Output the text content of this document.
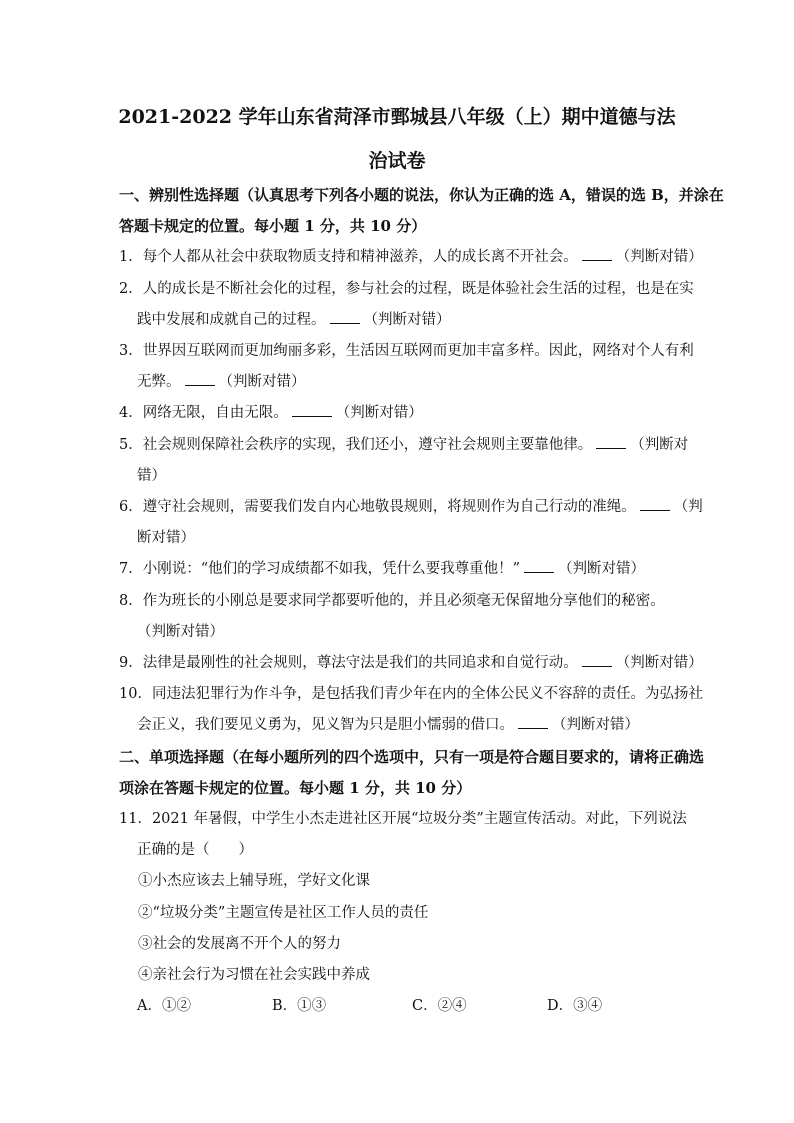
2021-2022 学年山东省菏泽市鄄城县八年级（上）期中道德与法
治试卷
一、辨别性选择题（认真思考下列各小题的说法，你认为正确的选 A，错误的选 B，并涂在
答题卡规定的位置。每小题 1 分，共 10 分）
1．每个人都从社会中获取物质支持和精神滋养，人的成长离不开社会。	（判断对错）
2．人的成长是不断社会化的过程，参与社会的过程，既是体验社会生活的过程，也是在实
践中发展和成就自己的过程。	（判断对错）
3．世界因互联网而更加绚丽多彩，生活因互联网而更加丰富多样。因此，网络对个人有利
无弊。	（判断对错）
4．网络无限，自由无限。	（判断对错）
5．社会规则保障社会秩序的实现，我们还小，遵守社会规则主要靠他律。	（判断对
错）
6．遵守社会规则，需要我们发自内心地敬畏规则，将规则作为自己行动的准绳。	（判
断对错）
7．小刚说：“他们的学习成绩都不如我，凭什么要我尊重他！”	（判断对错）
8．作为班长的小刚总是要求同学都要听他的，并且必须毫无保留地分享他们的秘密。
（判断对错）
9．法律是最刚性的社会规则，尊法守法是我们的共同追求和自觉行动。	（判断对错）
10．同违法犯罪行为作斗争，是包括我们青少年在内的全体公民义不容辞的责任。为弘扬社
会正义，我们要见义勇为，见义智为只是胆小懦弱的借口。	（判断对错）
二、单项选择题（在每小题所列的四个选项中，只有一项是符合题目要求的，请将正确选
项涂在答题卡规定的位置。每小题 1 分，共 10 分）
11．2021 年暑假，中学生小杰走进社区开展“垃圾分类”主题宣传活动。对此，下列说法
正确的是（　　）
①小杰应该去上辅导班，学好文化课
②“垃圾分类”主题宣传是社区工作人员的责任
③社会的发展离不开个人的努力
④亲社会行为习惯在社会实践中养成
A．①②	B．①③	C．②④	D．③④
